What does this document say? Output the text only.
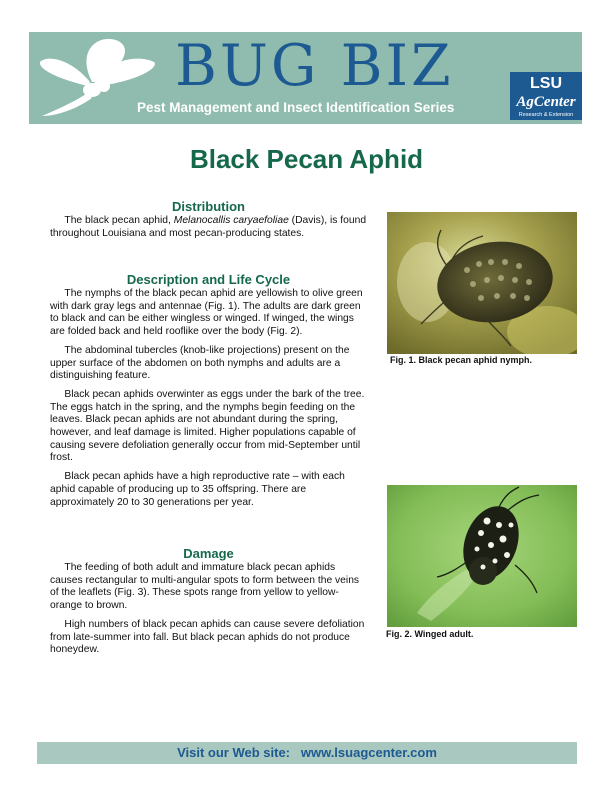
BUG BIZ
Pest Management and Insect Identification Series
LSU
AgCenter
Research & Extension
Black Pecan Aphid
Distribution

The black pecan aphid, Melanocallis caryaefoliae (Davis), is found throughout Louisiana and most pecan-producing states.

Description and Life Cycle

The nymphs of the black pecan aphid are yellowish to olive green with dark gray legs and antennae (Fig. 1). The adults are dark green to black and can be either wingless or winged. If winged, the wings are folded back and held rooflike over the body (Fig. 2).

The abdominal tubercles (knob-like projections) present on the upper surface of the abdomen on both nymphs and adults are a distinguishing feature.

Black pecan aphids overwinter as eggs under the bark of the tree. The eggs hatch in the spring, and the nymphs begin feeding on the leaves. Black pecan aphids are not abundant during the spring, however, and leaf damage is limited. Higher populations capable of causing severe defoliation generally occur from mid-September until frost.

Black pecan aphids have a high reproductive rate – with each aphid capable of producing up to 35 offspring. There are approximately 20 to 30 generations per year.

Damage

The feeding of both adult and immature black pecan aphids causes rectangular to multi-angular spots to form between the veins of the leaflets (Fig. 3). These spots range from yellow to yellow-orange to brown.

High numbers of black pecan aphids can cause severe defoliation from late-summer into fall. But black pecan aphids do not produce honeydew.

Fig. 1. Black pecan aphid nymph.
Fig. 2. Winged adult.
Visit our Web site:   www.lsuagcenter.com
